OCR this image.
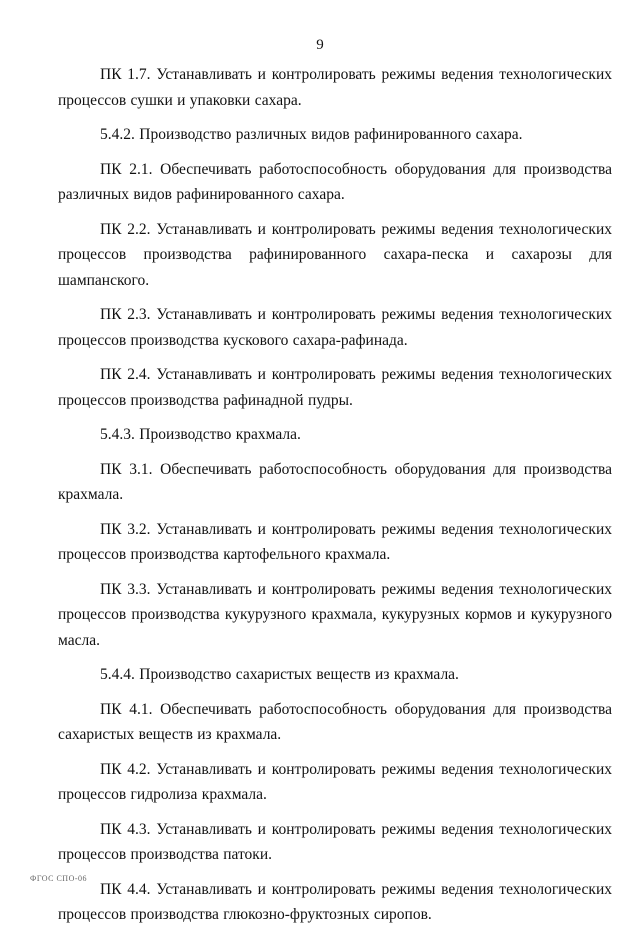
9

ПК 1.7. Устанавливать и контролировать режимы ведения технологических процессов сушки и упаковки сахара.

5.4.2. Производство различных видов рафинированного сахара.

ПК 2.1. Обеспечивать работоспособность оборудования для производства различных видов рафинированного сахара.

ПК 2.2. Устанавливать и контролировать режимы ведения технологических процессов производства рафинированного сахара-песка и сахарозы для шампанского.

ПК 2.3. Устанавливать и контролировать режимы ведения технологических процессов производства кускового сахара-рафинада.

ПК 2.4. Устанавливать и контролировать режимы ведения технологических процессов производства рафинадной пудры.

5.4.3. Производство крахмала.

ПК 3.1. Обеспечивать работоспособность оборудования для производства крахмала.

ПК 3.2. Устанавливать и контролировать режимы ведения технологических процессов производства картофельного крахмала.

ПК 3.3. Устанавливать и контролировать режимы ведения технологических процессов производства кукурузного крахмала, кукурузных кормов и кукурузного масла.

5.4.4. Производство сахаристых веществ из крахмала.

ПК 4.1. Обеспечивать работоспособность оборудования для производства сахаристых веществ из крахмала.

ПК 4.2. Устанавливать и контролировать режимы ведения технологических процессов гидролиза крахмала.

ПК 4.3. Устанавливать и контролировать режимы ведения технологических процессов производства патоки.

ПК 4.4. Устанавливать и контролировать режимы ведения технологических процессов производства глюкозно-фруктозных сиропов.

ФГОС СПО-06
